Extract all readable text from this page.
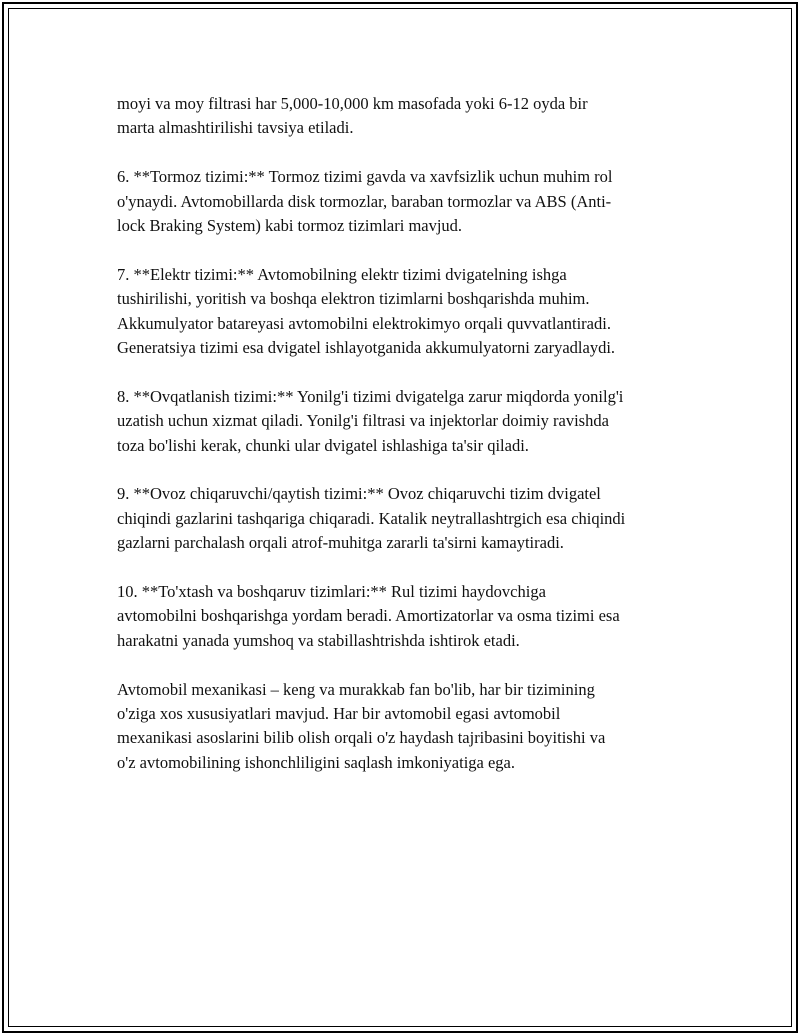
moyi va moy filtrasi har 5,000-10,000 km masofada yoki 6-12 oyda bir
marta almashtirilishi tavsiya etiladi.

6. **Tormoz tizimi:** Tormoz tizimi gavda va xavfsizlik uchun muhim rol
o'ynaydi. Avtomobillarda disk tormozlar, baraban tormozlar va ABS (Anti-
lock Braking System) kabi tormoz tizimlari mavjud.

7. **Elektr tizimi:** Avtomobilning elektr tizimi dvigatelning ishga
tushirilishi, yoritish va boshqa elektron tizimlarni boshqarishda muhim.
Akkumulyator batareyasi avtomobilni elektrokimyo orqali quvvatlantiradi.
Generatsiya tizimi esa dvigatel ishlayotganida akkumulyatorni zaryadlaydi.

8. **Ovqatlanish tizimi:** Yonilg'i tizimi dvigatelga zarur miqdorda yonilg'i
uzatish uchun xizmat qiladi. Yonilg'i filtrasi va injektorlar doimiy ravishda
toza bo'lishi kerak, chunki ular dvigatel ishlashiga ta'sir qiladi.

9. **Ovoz chiqaruvchi/qaytish tizimi:** Ovoz chiqaruvchi tizim dvigatel
chiqindi gazlarini tashqariga chiqaradi. Katalik neytrallashtrgich esa chiqindi
gazlarni parchalash orqali atrof-muhitga zararli ta'sirni kamaytiradi.

10. **To'xtash va boshqaruv tizimlari:** Rul tizimi haydovchiga
avtomobilni boshqarishga yordam beradi. Amortizatorlar va osma tizimi esa
harakatni yanada yumshoq va stabillashtrishda ishtirok etadi.

Avtomobil mexanikasi – keng va murakkab fan bo'lib, har bir tizimining
o'ziga xos xususiyatlari mavjud. Har bir avtomobil egasi avtomobil
mexanikasi asoslarini bilib olish orqali o'z haydash tajribasini boyitishi va
o'z avtomobilining ishonchliligini saqlash imkoniyatiga ega.
